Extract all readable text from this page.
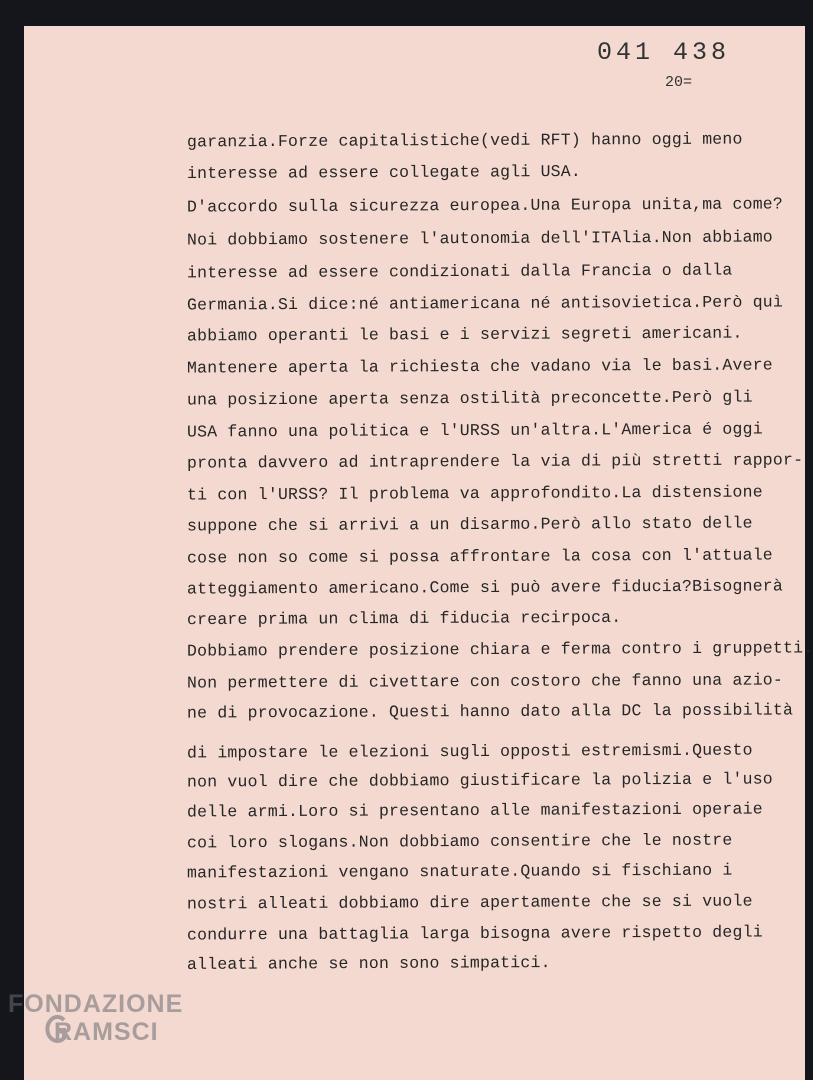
041 438
20=
garanzia.Forze capitalistiche(vedi RFT) hanno oggi meno
interesse ad essere collegate agli USA.
D'accordo sulla sicurezza europea.Una Europa unita,ma come?
Noi dobbiamo sostenere l'autonomia dell'ITAlia.Non abbiamo
interesse ad essere condizionati dalla Francia o dalla
Germania.Si dice:né antiamericana né antisovietica.Però quì
abbiamo operanti le basi e i servizi segreti americani.
Mantenere aperta la richiesta che vadano via le basi.Avere
una posizione aperta senza ostilità preconcette.Però gli
USA fanno una politica e l'URSS un'altra.L'America é oggi
pronta davvero ad intraprendere la via di più stretti rappor-
ti con l'URSS? Il problema va approfondito.La distensione
suppone che si arrivi a un disarmo.Però allo stato delle
cose non so come si possa affrontare la cosa con l'attuale
atteggiamento americano.Come si può avere fiducia?Bisognerà
creare prima un clima di fiducia recirpoca.
Dobbiamo prendere posizione chiara e ferma contro i gruppetti.
Non permettere di civettare con costoro che fanno una azio-
ne di provocazione. Questi hanno dato alla DC la possibilità
di impostare le elezioni sugli opposti estremismi.Questo
non vuol dire che dobbiamo giustificare la polizia e l'uso
delle armi.Loro si presentano alle manifestazioni operaie
coi loro slogans.Non dobbiamo consentire che le nostre
manifestazioni vengano snaturate.Quando si fischiano i
nostri alleati dobbiamo dire apertamente che se si vuole
condurre una battaglia larga bisogna avere rispetto degli
alleati anche se non sono simpatici.
FONDAZIONE
RAMSCI
